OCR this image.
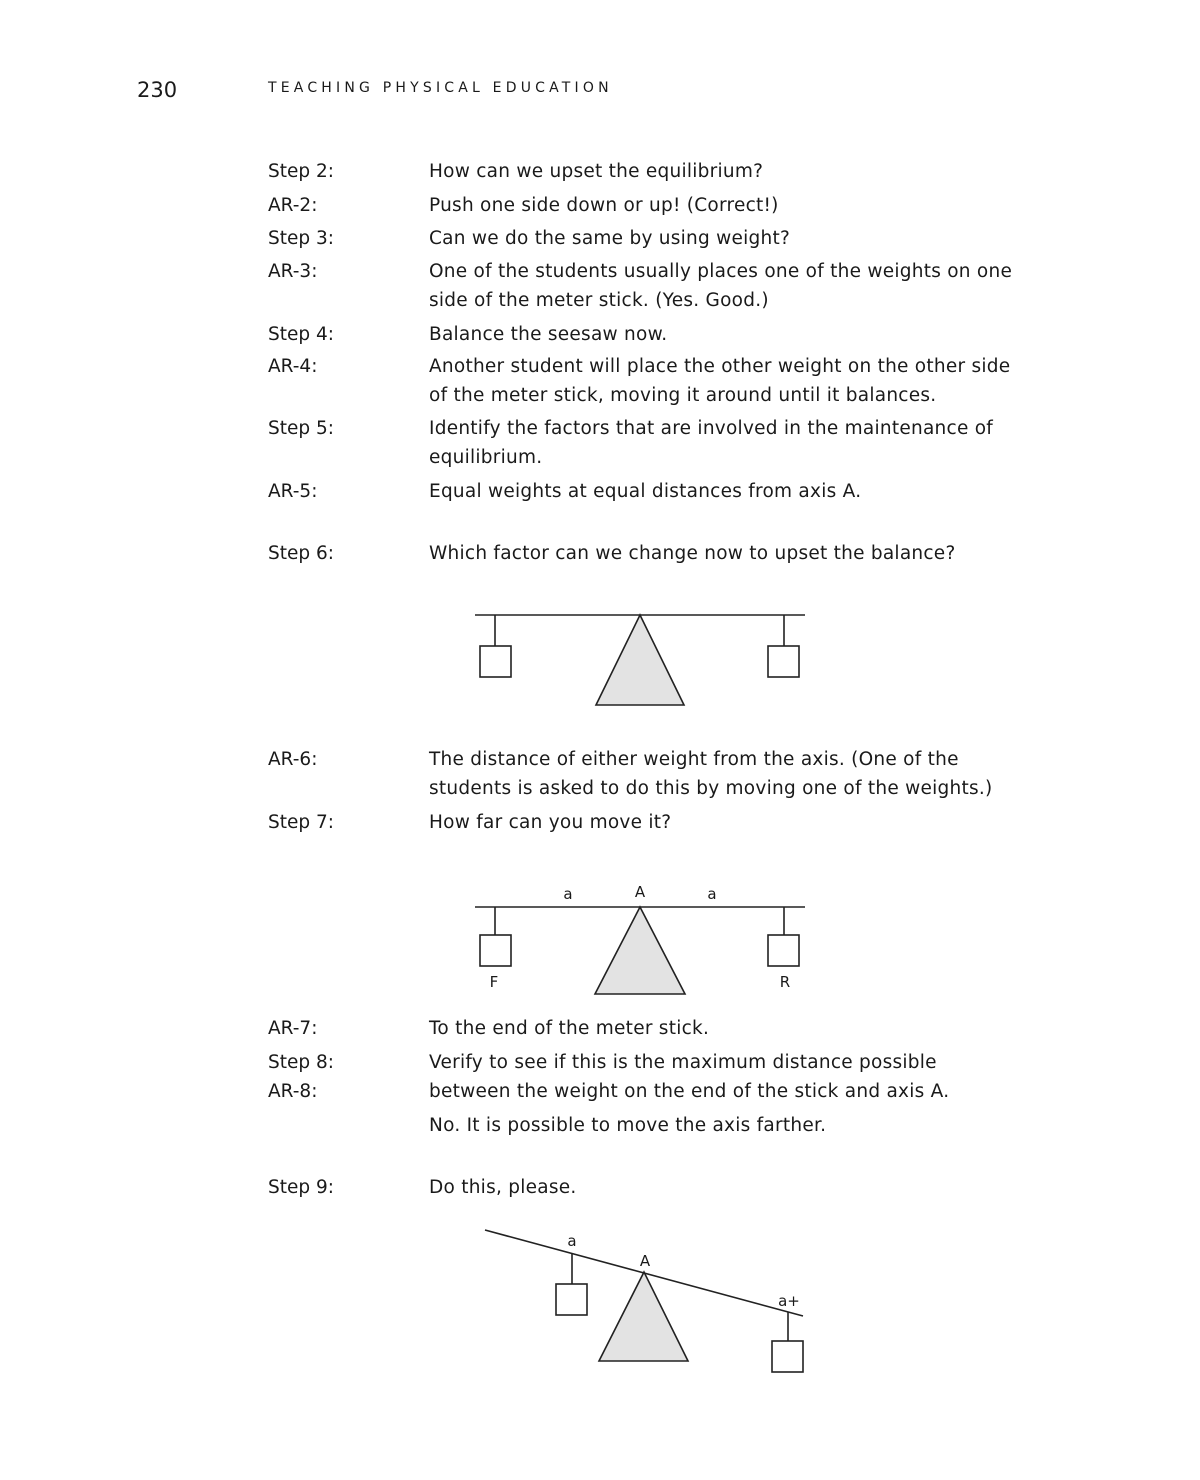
230	TEACHING PHYSICAL EDUCATION
Step 2:	How can we upset the equilibrium?
AR-2:	Push one side down or up! (Correct!)
Step 3:	Can we do the same by using weight?
AR-3:	One of the students usually places one of the weights on one side of the meter stick. (Yes. Good.)
Step 4:	Balance the seesaw now.
AR-4:	Another student will place the other weight on the other side of the meter stick, moving it around until it balances.
Step 5:	Identify the factors that are involved in the maintenance of equilibrium.
AR-5:	Equal weights at equal distances from axis A.
Step 6:	Which factor can we change now to upset the balance?
AR-6:	The distance of either weight from the axis. (One of the students is asked to do this by moving one of the weights.)
Step 7:	How far can you move it?
a	A	a
F	R
AR-7:	To the end of the meter stick.
Step 8:	Verify to see if this is the maximum distance possible
AR-8:	between the weight on the end of the stick and axis A.
No. It is possible to move the axis farther.
Step 9:	Do this, please.
a
A
a+
